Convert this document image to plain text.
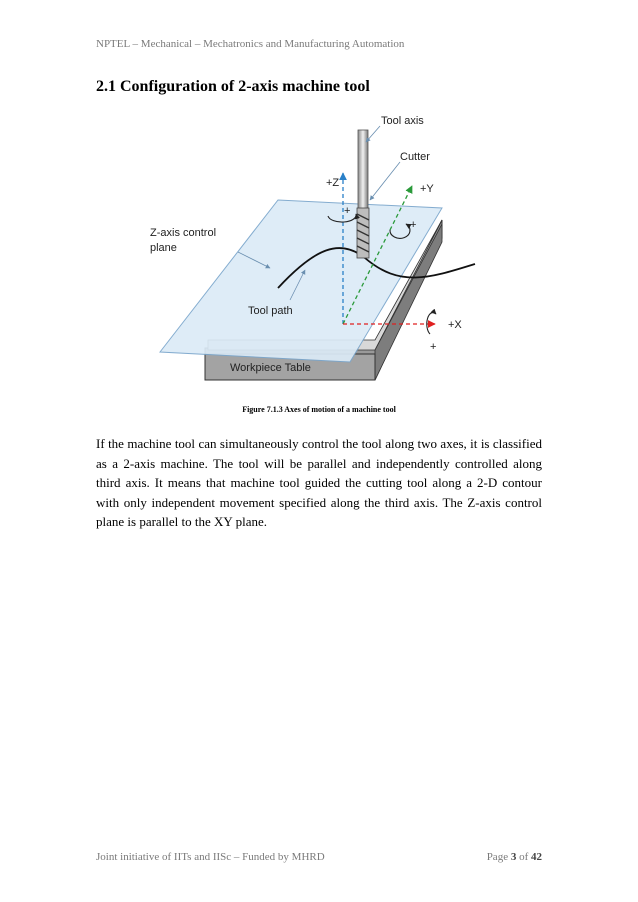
NPTEL – Mechanical – Mechatronics and Manufacturing Automation
2.1 Configuration of 2-axis machine tool
Workpiece Table
+
+
+
Tool axis
Cutter
+Z	+Y
+X
Z-axis control
plane
Tool path
Figure 7.1.3 Axes of motion of a machine tool

If the machine tool can simultaneously control the tool along two axes, it is classified as a 2-axis machine. The tool will be parallel and independently controlled along third axis. It means that machine tool guided the cutting tool along a 2-D contour with only independent movement specified along the third axis. The Z-axis control plane is parallel to the XY plane.

Joint initiative of IITs and IISc – Funded by MHRD	Page 3 of 42
